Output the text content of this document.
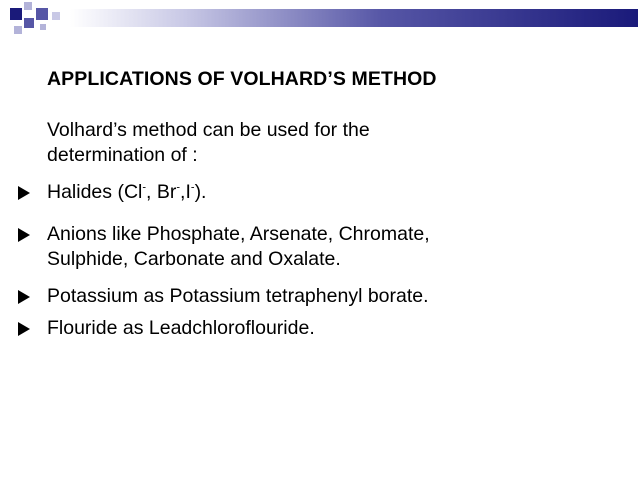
APPLICATIONS OF VOLHARD’S METHOD
Volhard’s method can be used for the
determination of :
Halides (Cl-, Br-,I-).
Anions like Phosphate, Arsenate, Chromate,
Sulphide, Carbonate and Oxalate.
Potassium as Potassium tetraphenyl borate.
Flouride as Leadchloroflouride.
